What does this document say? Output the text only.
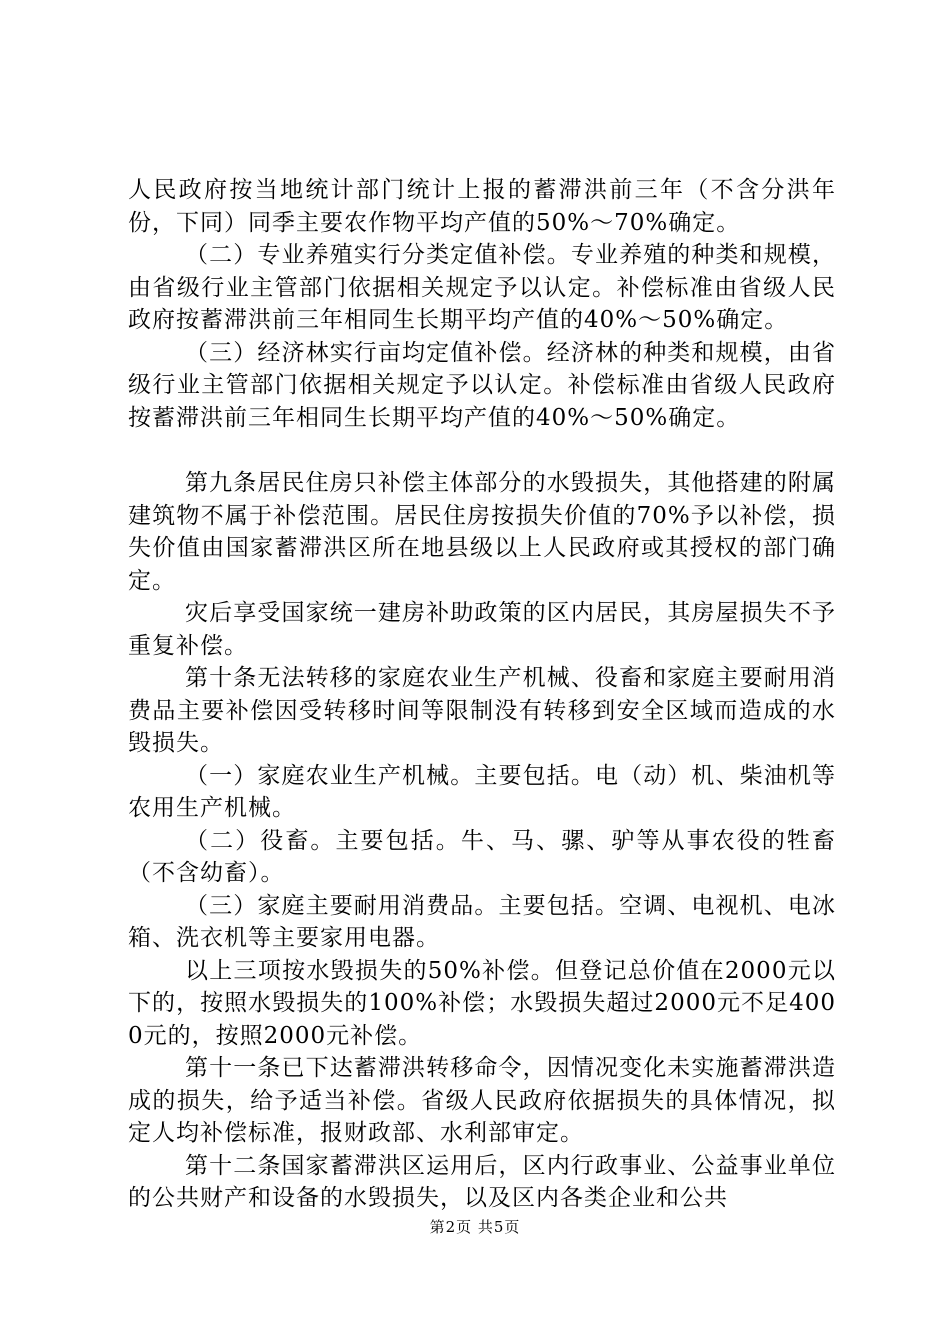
人民政府按当地统计部门统计上报的蓄滞洪前三年（不含分洪年份，下同）同季主要农作物平均产值的50%～70%确定。

（二）专业养殖实行分类定值补偿。专业养殖的种类和规模，由省级行业主管部门依据相关规定予以认定。补偿标准由省级人民政府按蓄滞洪前三年相同生长期平均产值的40%～50%确定。

（三）经济林实行亩均定值补偿。经济林的种类和规模，由省级行业主管部门依据相关规定予以认定。补偿标准由省级人民政府按蓄滞洪前三年相同生长期平均产值的40%～50%确定。

第九条居民住房只补偿主体部分的水毁损失，其他搭建的附属建筑物不属于补偿范围。居民住房按损失价值的70%予以补偿，损失价值由国家蓄滞洪区所在地县级以上人民政府或其授权的部门确定。

灾后享受国家统一建房补助政策的区内居民，其房屋损失不予重复补偿。

第十条无法转移的家庭农业生产机械、役畜和家庭主要耐用消费品主要补偿因受转移时间等限制没有转移到安全区域而造成的水毁损失。

（一）家庭农业生产机械。主要包括。电（动）机、柴油机等农用生产机械。

（二）役畜。主要包括。牛、马、骡、驴等从事农役的牲畜（不含幼畜）。

（三）家庭主要耐用消费品。主要包括。空调、电视机、电冰箱、洗衣机等主要家用电器。

以上三项按水毁损失的50%补偿。但登记总价值在2000元以下的，按照水毁损失的100%补偿；水毁损失超过2000元不足4000元的，按照2000元补偿。

第十一条已下达蓄滞洪转移命令，因情况变化未实施蓄滞洪造成的损失，给予适当补偿。省级人民政府依据损失的具体情况，拟定人均补偿标准，报财政部、水利部审定。

第十二条国家蓄滞洪区运用后，区内行政事业、公益事业单位的公共财产和设备的水毁损失，以及区内各类企业和公共

第2页 共5页
